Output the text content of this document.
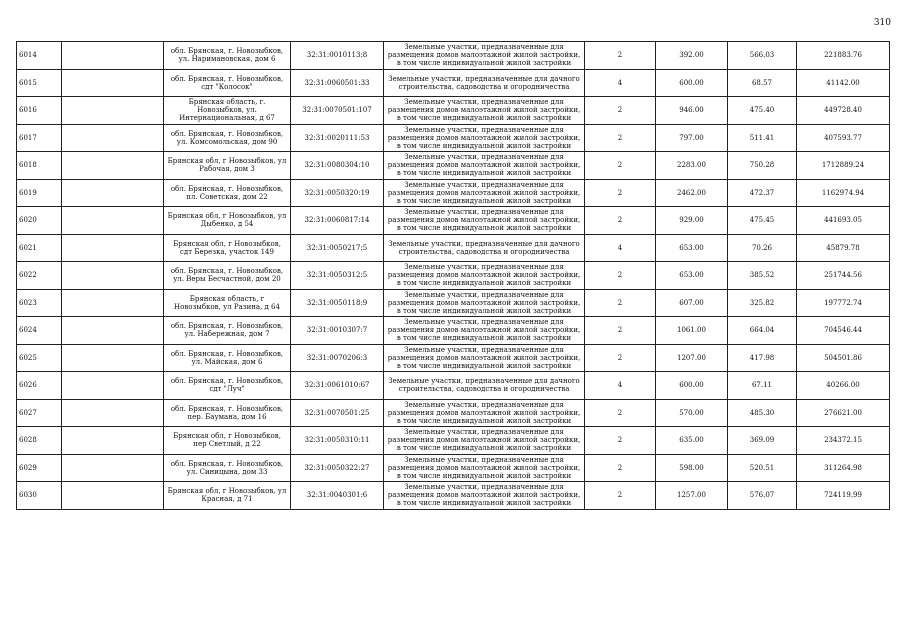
310
6014		обл. Брянская, г. Новозыбков, ул. Наримановская, дом 6	32:31:0010113:8	Земельные участки, предназначенные для размещения домов малоэтажной жилой застройки, в том числе индивидуальной жилой застройки	2	392.00	566.03	221883.76
6015		обл. Брянская, г. Новозыбков, сдт "Колосок"	32:31:0060501:33	Земельные участки, предназначенные для дачного строительства, садоводства и огородничества	4	600.00	68.57	41142.00
6016		Брянская область, г. Новозыбков, ул. Интернациональная, д 67	32:31:0070501:107	Земельные участки, предназначенные для размещения домов малоэтажной жилой застройки, в том числе индивидуальной жилой застройки	2	946.00	475.40	449728.40
6017		обл. Брянская, г. Новозыбков, ул. Комсомольская, дом 90	32:31:0020111:53	Земельные участки, предназначенные для размещения домов малоэтажной жилой застройки, в том числе индивидуальной жилой застройки	2	797.00	511.41	407593.77
6018		Брянская обл, г Новозыбков, ул Рабочая, дом 3	32:31:0080304:10	Земельные участки, предназначенные для размещения домов малоэтажной жилой застройки, в том числе индивидуальной жилой застройки	2	2283.00	750.28	1712889.24
6019		обл. Брянская, г. Новозыбков, пл. Советская, дом 22	32:31:0050320:19	Земельные участки, предназначенные для размещения домов малоэтажной жилой застройки, в том числе индивидуальной жилой застройки	2	2462.00	472.37	1162974.94
6020		Брянская обл, г Новозыбков, ул Дыбенко, д 54	32:31:0060817:14	Земельные участки, предназначенные для размещения домов малоэтажной жилой застройки, в том числе индивидуальной жилой застройки	2	929.00	475.45	441693.05
6021		Брянская обл, г Новозыбков, сдт Березка, участок 149	32:31:0050217:5	Земельные участки, предназначенные для дачного строительства, садоводства и огородничества	4	653.00	70.26	45879.78
6022		обл. Брянская, г. Новозыбков, ул. Веры Бесчастной, дом 20	32:31:0050312:5	Земельные участки, предназначенные для размещения домов малоэтажной жилой застройки, в том числе индивидуальной жилой застройки	2	653.00	385.52	251744.56
6023		Брянская область, г Новозыбков, ул Разина, д 64	32:31:0050118:9	Земельные участки, предназначенные для размещения домов малоэтажной жилой застройки, в том числе индивидуальной жилой застройки	2	607.00	325.82	197772.74
6024		обл. Брянская, г. Новозыбков, ул. Набережная, дом 7	32:31:0010307:7	Земельные участки, предназначенные для размещения домов малоэтажной жилой застройки, в том числе индивидуальной жилой застройки	2	1061.00	664.04	704546.44
6025		обл. Брянская, г. Новозыбков, ул. Майская, дом 6	32:31:0070206:3	Земельные участки, предназначенные для размещения домов малоэтажной жилой застройки, в том числе индивидуальной жилой застройки	2	1207.00	417.98	504501.86
6026		обл. Брянская, г. Новозыбков, сдт "Луч"	32:31:0061010:67	Земельные участки, предназначенные для дачного строительства, садоводства и огородничества	4	600.00	67.11	40266.00
6027		обл. Брянская, г. Новозыбков, пер. Баумана, дом 16	32:31:0070501:25	Земельные участки, предназначенные для размещения домов малоэтажной жилой застройки, в том числе индивидуальной жилой застройки	2	570.00	485.30	276621.00
6028		Брянская обл, г Новозыбков, пер Светлый, д 22	32:31:0050310:11	Земельные участки, предназначенные для размещения домов малоэтажной жилой застройки, в том числе индивидуальной жилой застройки	2	635.00	369.09	234372.15
6029		обл. Брянская, г. Новозыбков, ул. Синицына, дом 33	32:31:0050322:27	Земельные участки, предназначенные для размещения домов малоэтажной жилой застройки, в том числе индивидуальной жилой застройки	2	598.00	520.51	311264.98
6030		Брянская обл, г Новозыбков, ул Красная, д 71	32:31:0040301:6	Земельные участки, предназначенные для размещения домов малоэтажной жилой застройки, в том числе индивидуальной жилой застройки	2	1257.00	576.07	724119.99
